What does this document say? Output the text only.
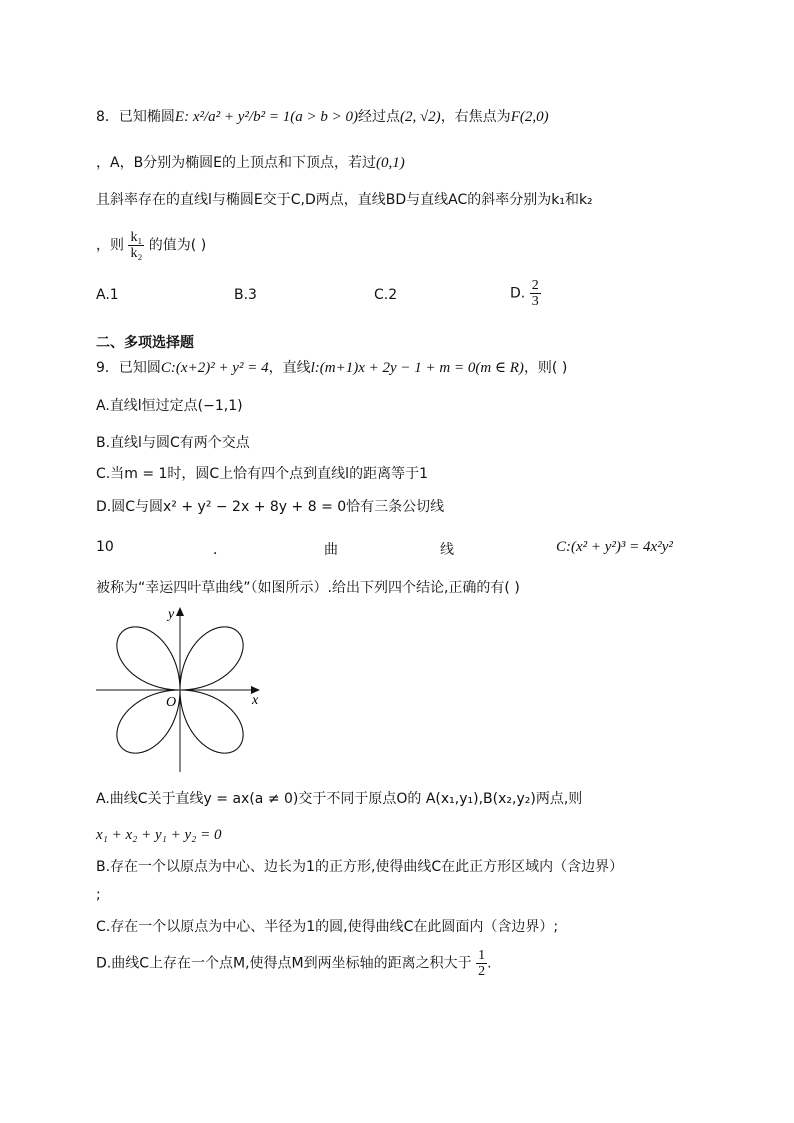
8．已知椭圆E: x²/a² + y²/b² = 1(a > b > 0)经过点(2, √2)，右焦点为F(2,0)
，A，B分别为椭圆E的上顶点和下顶点，若过(0,1)
且斜率存在的直线l与椭圆E交于C,D两点，直线BD与直线AC的斜率分别为k₁和k₂
，则 $\frac{\text{k₁}}{\text{k₂}}$ 的值为( )
A.1	B.3	C.2	D. $\frac{2}{3}$
二、多项选择题
9．已知圆C:(x+2)² + y² = 4，直线l:(m+1)x + 2y − 1 + m = 0(m ∈ R)，则( )
A.直线l恒过定点(−1,1)
B.直线l与圆C有两个交点
C.当m = 1时，圆C上恰有四个点到直线l的距离等于1
D.圆C与圆x² + y² − 2x + 8y + 8 = 0恰有三条公切线
10	．	曲	线	C:(x² + y²)³ = 4x²y²
被称为“幸运四叶草曲线”（如图所示）.给出下列四个结论,正确的有( )
y
x
O
A.曲线C关于直线y = ax(a ≠ 0)交于不同于原点O的 A(x₁,y₁),B(x₂,y₂)两点,则
x₁ + x₂ + y₁ + y₂ = 0
B.存在一个以原点为中心、边长为1的正方形,使得曲线C在此正方形区域内（含边界）
;
C.存在一个以原点为中心、半径为1的圆,使得曲线C在此圆面内（含边界）;
D.曲线C上存在一个点M,使得点M到两坐标轴的距离之积大于 $\frac{1}{2}$ .
